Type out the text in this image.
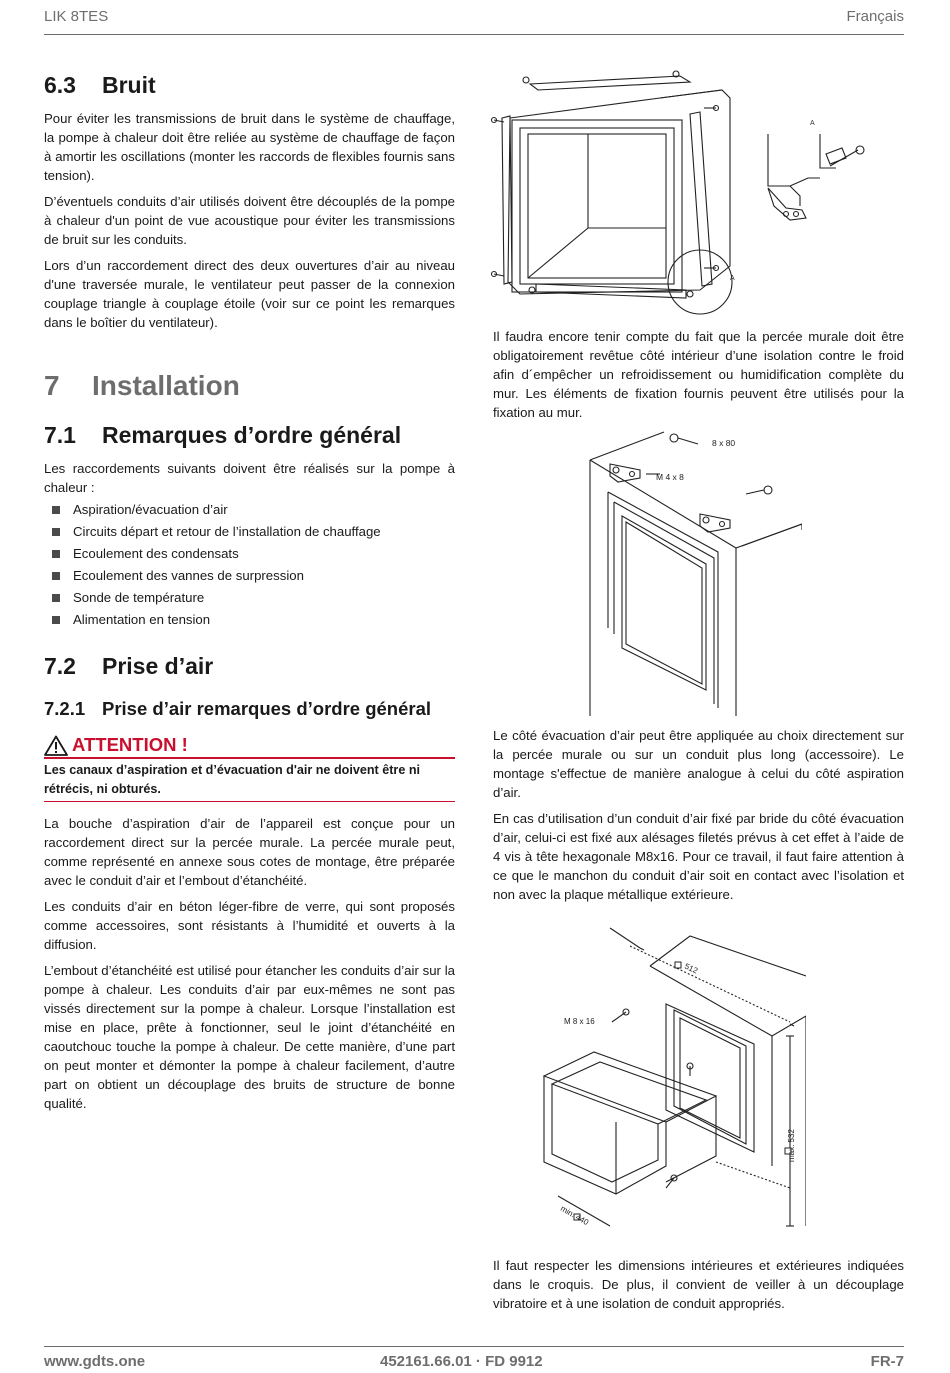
LIK 8TES	Français
6.3 Bruit

Pour éviter les transmissions de bruit dans le système de chauffage, la pompe à chaleur doit être reliée au système de chauffage de façon à amortir les oscillations (monter les raccords de flexibles fournis sans tension).

D’éventuels conduits d’air utilisés doivent être découplés de la pompe à chaleur d'un point de vue acoustique pour éviter les transmissions de bruit sur les conduits.

Lors d’un raccordement direct des deux ouvertures d’air au niveau d'une traversée murale, le ventilateur peut passer de la connexion couplage triangle à couplage étoile (voir sur ce point les remarques dans le boîtier du ventilateur).

7 Installation
7.1 Remarques d’ordre général

Les raccordements suivants doivent être réalisés sur la pompe à chaleur :

Aspiration/évacuation d’air
Circuits départ et retour de l’installation de chauffage
Ecoulement des condensats
Ecoulement des vannes de surpression
Sonde de température
Alimentation en tension
7.2 Prise d’air
7.2.1 Prise d’air remarques d’ordre général
ATTENTION !
Les canaux d’aspiration et d’évacuation d'air ne doivent être ni rétrécis, ni obturés.

La bouche d’aspiration d’air de l’appareil est conçue pour un raccordement direct sur la percée murale. La percée murale peut, comme représenté en annexe sous cotes de montage, être préparée avec le conduit d’air et l’embout d’étanchéité.

Les conduits d’air en béton léger-fibre de verre, qui sont proposés comme accessoires, sont résistants à l’humidité et ouverts à la diffusion.

L’embout d’étanchéité est utilisé pour étancher les conduits d’air sur la pompe à chaleur. Les conduits d’air par eux-mêmes ne sont pas vissés directement sur la pompe à chaleur. Lorsque l’installation est mise en place, prête à fonctionner, seul le joint d’étanchéité en caoutchouc touche la pompe à chaleur. De cette manière, d’une part on peut monter et démonter la pompe à chaleur facilement, d’autre part on obtient un découplage des bruits de structure de bonne qualité.

A
A

Il faudra encore tenir compte du fait que la percée murale doit être obligatoirement revêtue côté intérieur d’une isolation contre le froid afin d´empêcher un refroidissement ou humidification complète du mur. Les éléments de fixation fournis peuvent être utilisés pour la fixation au mur.

8 x 80
M 4 x 8

Le côté évacuation d’air peut être appliquée au choix directement sur la percée murale ou sur un conduit plus long (accessoire). Le montage s'effectue de manière analogue à celui du côté aspiration d’air.

En cas d’utilisation d’un conduit d’air fixé par bride du côté évacuation d’air, celui-ci est fixé aux alésages filetés prévus à cet effet à l’aide de 4 vis à tête hexagonale M8x16. Pour ce travail, il faut faire attention à ce que le manchon du conduit d’air soit en contact avec l’isolation et non avec la plaque métallique extérieure.

512
max. 532
min. 440
M 8 x 16

Il faut respecter les dimensions intérieures et extérieures indiquées dans le croquis. De plus, il convient de veiller à un découplage vibratoire et à une isolation de conduit appropriés.

www.gdts.one	452161.66.01 · FD 9912	FR-7
